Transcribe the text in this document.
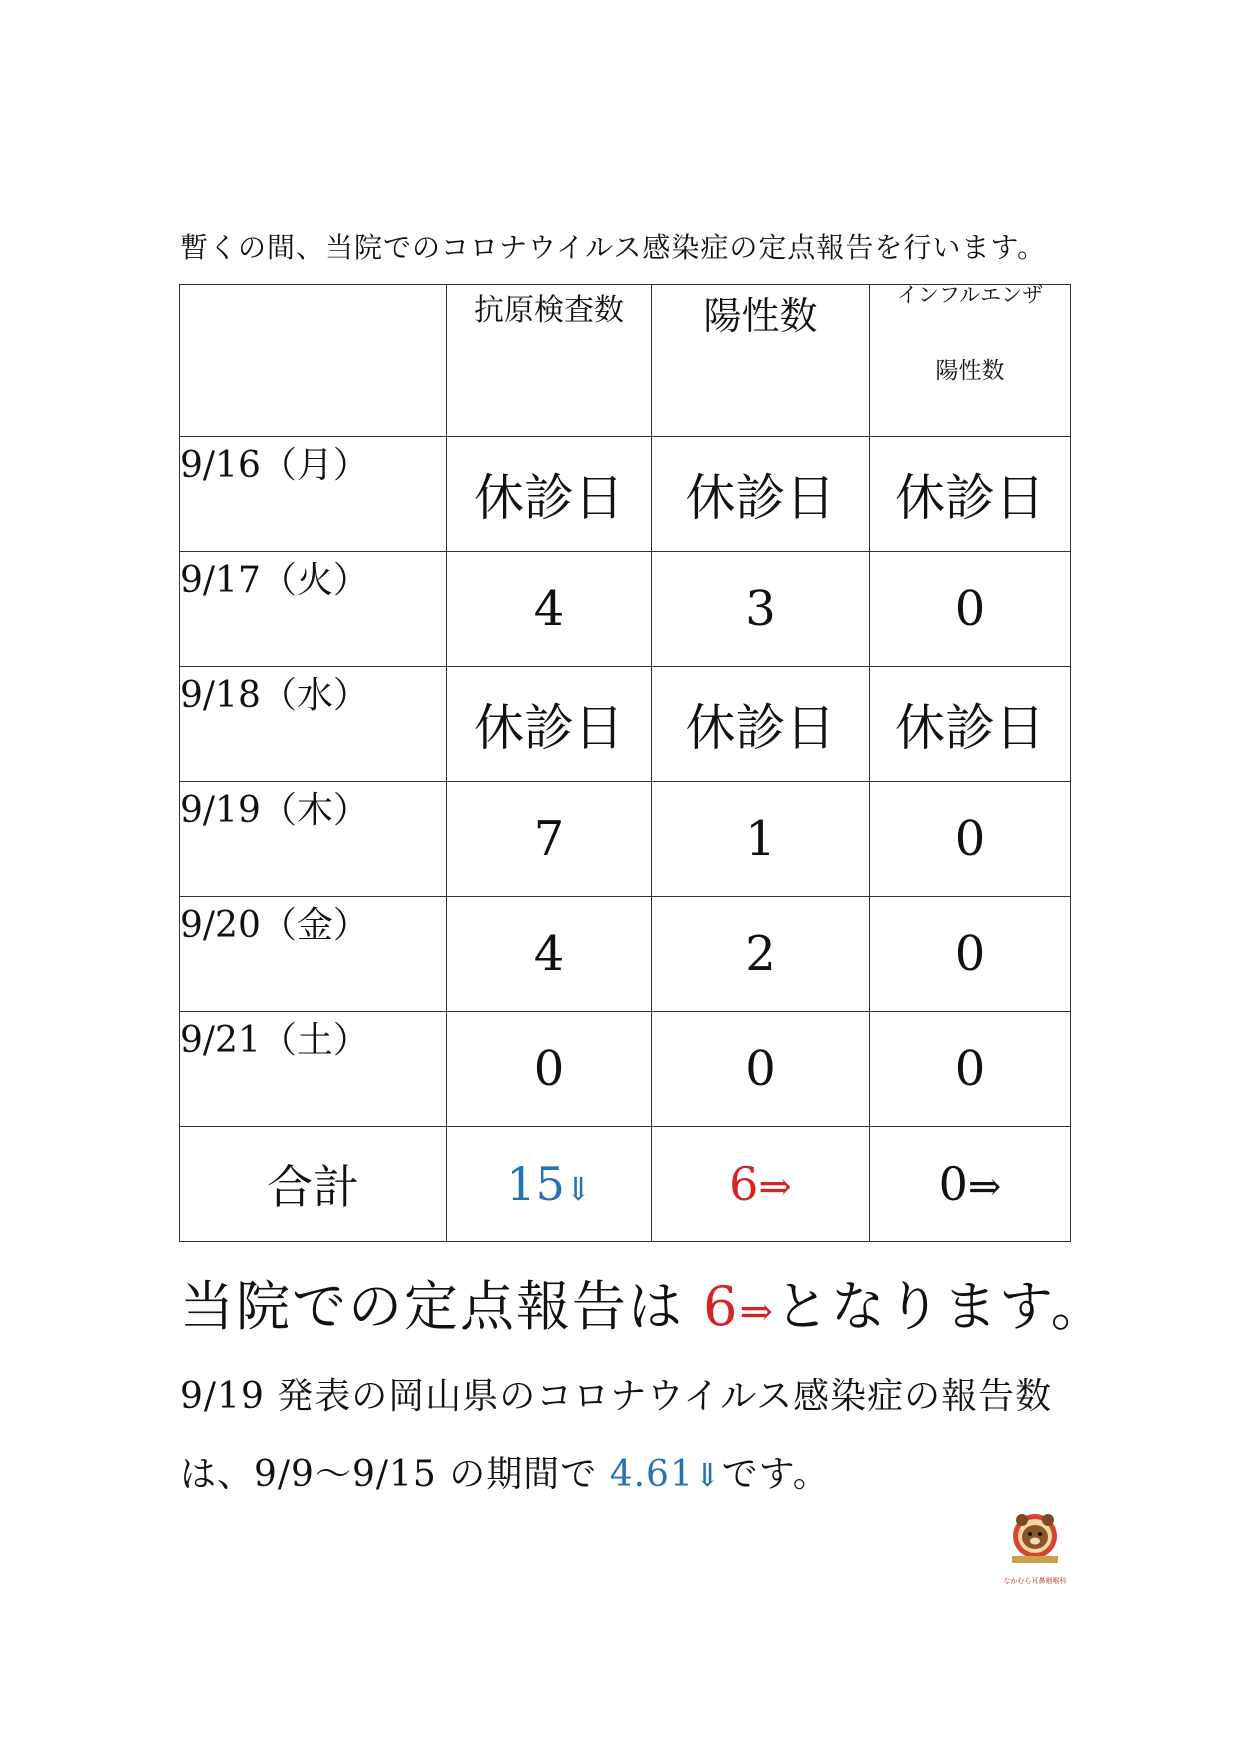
暫くの間、当院でのコロナウイルス感染症の定点報告を行います。
	抗原検査数	陽性数	インフルエンザ
陽性数

9/16（月）	休診日	休診日	休診日
9/17（火）	4	3	0
9/18（水）	休診日	休診日	休診日
9/19（木）	7	1	0
9/20（金）	4	2	0
9/21（土）	0	0	0
合計	15⇓	6⇒	0⇒
当院での定点報告は 6⇒となります。
9/19 発表の岡山県のコロナウイルス感染症の報告数
は、9/9～9/15 の期間で 4.61⇓です。
なかむら耳鼻咽喉科
